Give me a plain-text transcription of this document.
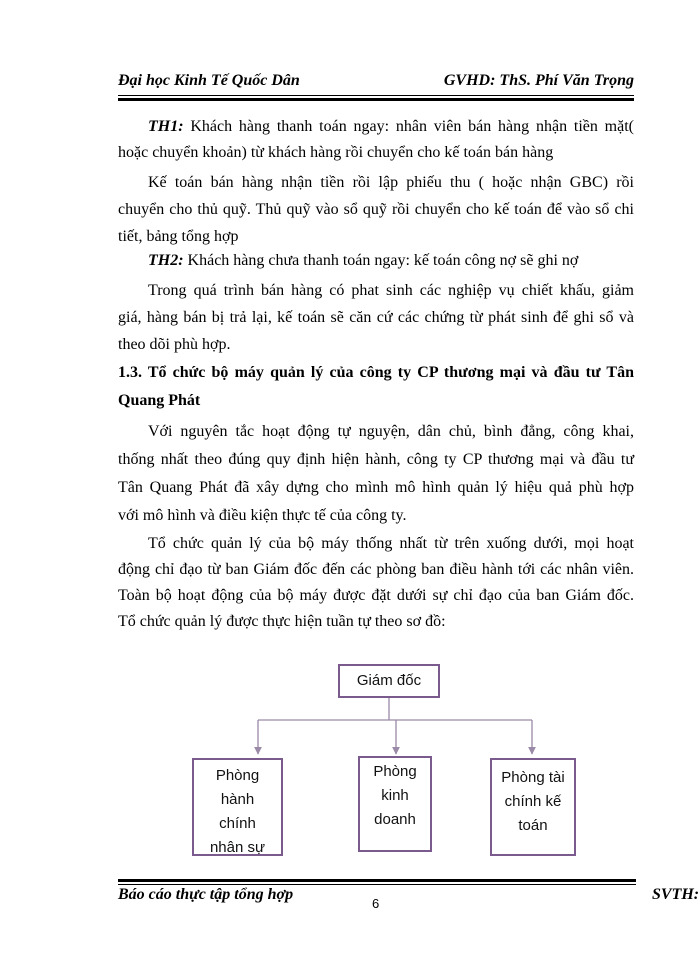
Đại học Kinh Tế Quốc Dân	GVHD: ThS. Phí Văn Trọng
TH1: Khách hàng thanh toán ngay: nhân viên bán hàng nhận tiền mặt(
hoặc chuyển khoản) từ khách hàng rồi chuyển cho kế toán bán hàng
Kế toán bán hàng nhận tiền rồi lập phiếu thu ( hoặc nhận GBC) rồi
chuyển cho thủ quỹ. Thủ quỹ vào sổ quỹ rồi chuyển cho kế toán để vào sổ chi
tiết, bảng tổng hợp
TH2: Khách hàng chưa thanh toán ngay: kế toán công nợ sẽ ghi nợ
Trong quá trình bán hàng có phat sinh các nghiệp vụ chiết khấu, giảm
giá, hàng bán bị trả lại, kế toán sẽ căn cứ các chứng từ phát sinh để ghi sổ và
theo dõi phù hợp.
1.3. Tổ chức bộ máy quản lý của công ty CP thương mại và đầu tư Tân
Quang Phát
Với nguyên tắc hoạt động tự nguyện, dân chủ, bình đẳng, công khai,
thống nhất theo đúng quy định hiện hành, công ty CP thương mại và đầu tư
Tân Quang Phát đã xây dựng cho mình mô hình quản lý hiệu quả phù hợp
với mô hình và điều kiện thực tế của công ty.
Tổ chức quản lý của bộ máy thống nhất từ trên xuống dưới, mọi hoạt
động chỉ đạo từ ban Giám đốc đến các phòng ban điều hành tới các nhân viên.
Toàn bộ hoạt động của bộ máy được đặt dưới sự chỉ đạo của ban Giám đốc.
Tổ chức quản lý được thực hiện tuần tự theo sơ đồ:
Giám đốc
Phòng
hành
chính
nhân sự
Phòng
kinh
doanh
Phòng tài
chính kế
toán
Báo cáo thực tập tổng hợp
6
SVTH:
